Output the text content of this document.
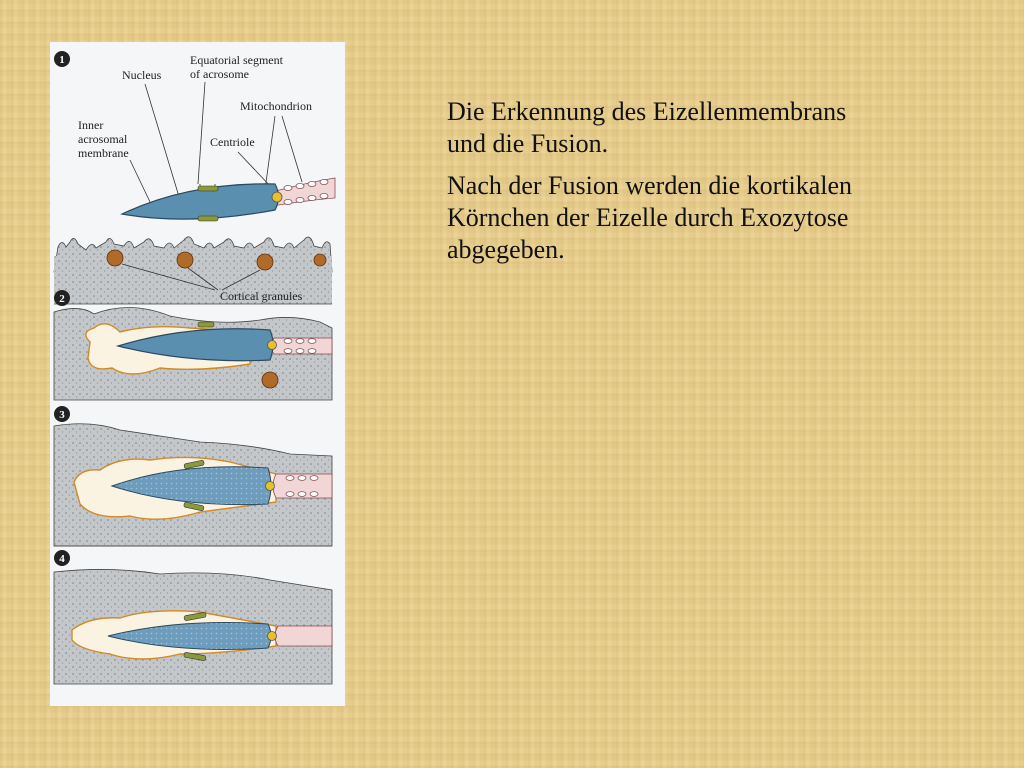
1
Nucleus
Equatorial segment
of acrosome
Mitochondrion
Inner
acrosomal
membrane
Centriole
Cortical granules
2
3
4

Die Erkennung des Eizellenmembrans und die Fusion.

Nach der Fusion werden die kortikalen Körnchen der Eizelle durch Exozytose abgegeben.
